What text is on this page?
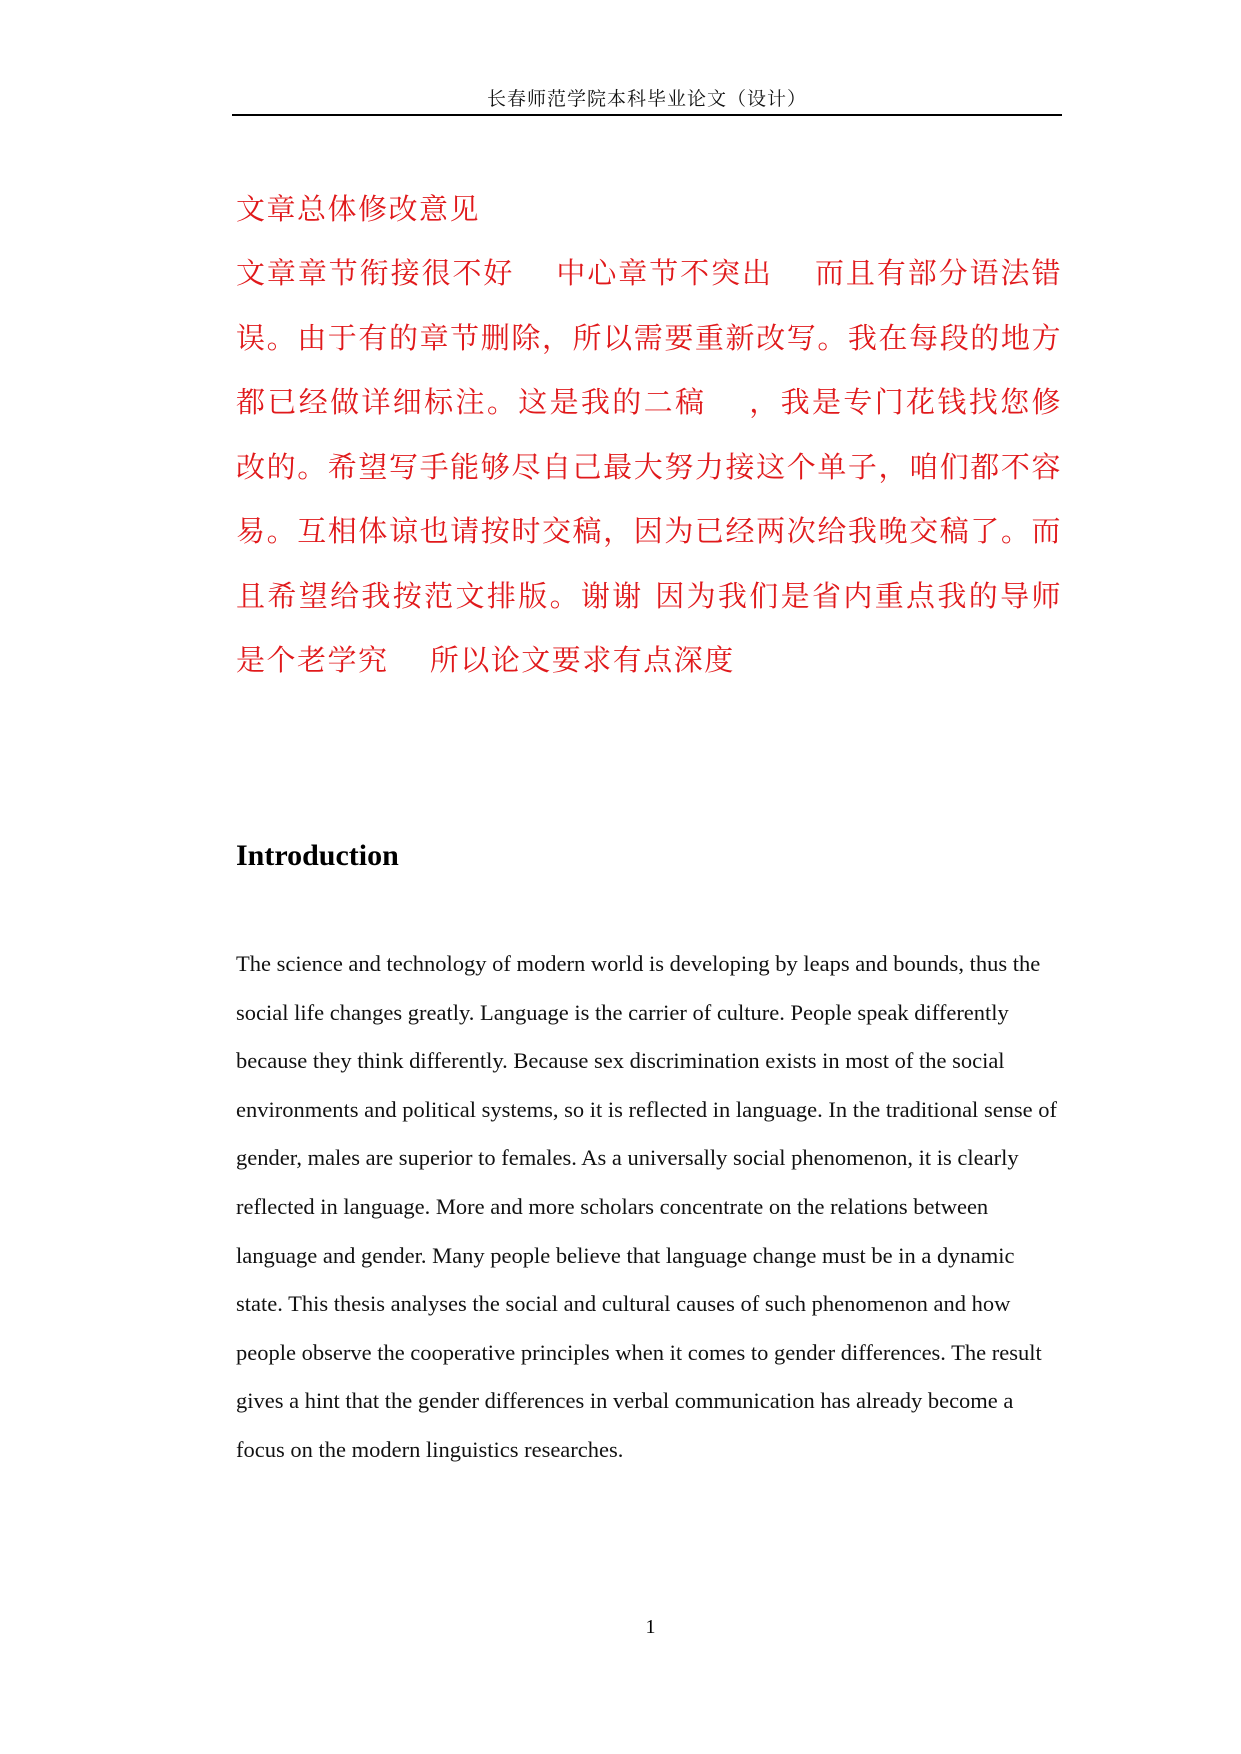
长春师范学院本科毕业论文（设计）

文章总体修改意见

文章章节衔接很不好　 中心章节不突出　 而且有部分语法错误。由于有的章节删除，所以需要重新改写。我在每段的地方都已经做详细标注。这是我的二稿　 ，我是专门花钱找您修改的。希望写手能够尽自己最大努力接这个单子，咱们都不容易。互相体谅也请按时交稿，因为已经两次给我晚交稿了。而且希望给我按范文排版。谢谢 因为我们是省内重点我的导师是个老学究　 所以论文要求有点深度

Introduction

The science and technology of modern world is developing by leaps and bounds, thus the social life changes greatly. Language is the carrier of culture. People speak differently because they think differently. Because sex discrimination exists in most of the social environments and political systems, so it is reflected in language. In the traditional sense of gender, males are superior to females. As a universally social phenomenon, it is clearly reflected in language. More and more scholars concentrate on the relations between language and gender. Many people believe that language change must be in a dynamic state. This thesis analyses the social and cultural causes of such phenomenon and how people observe the cooperative principles when it comes to gender differences. The result gives a hint that the gender differences in verbal communication has already become a focus on the modern linguistics researches.

1
